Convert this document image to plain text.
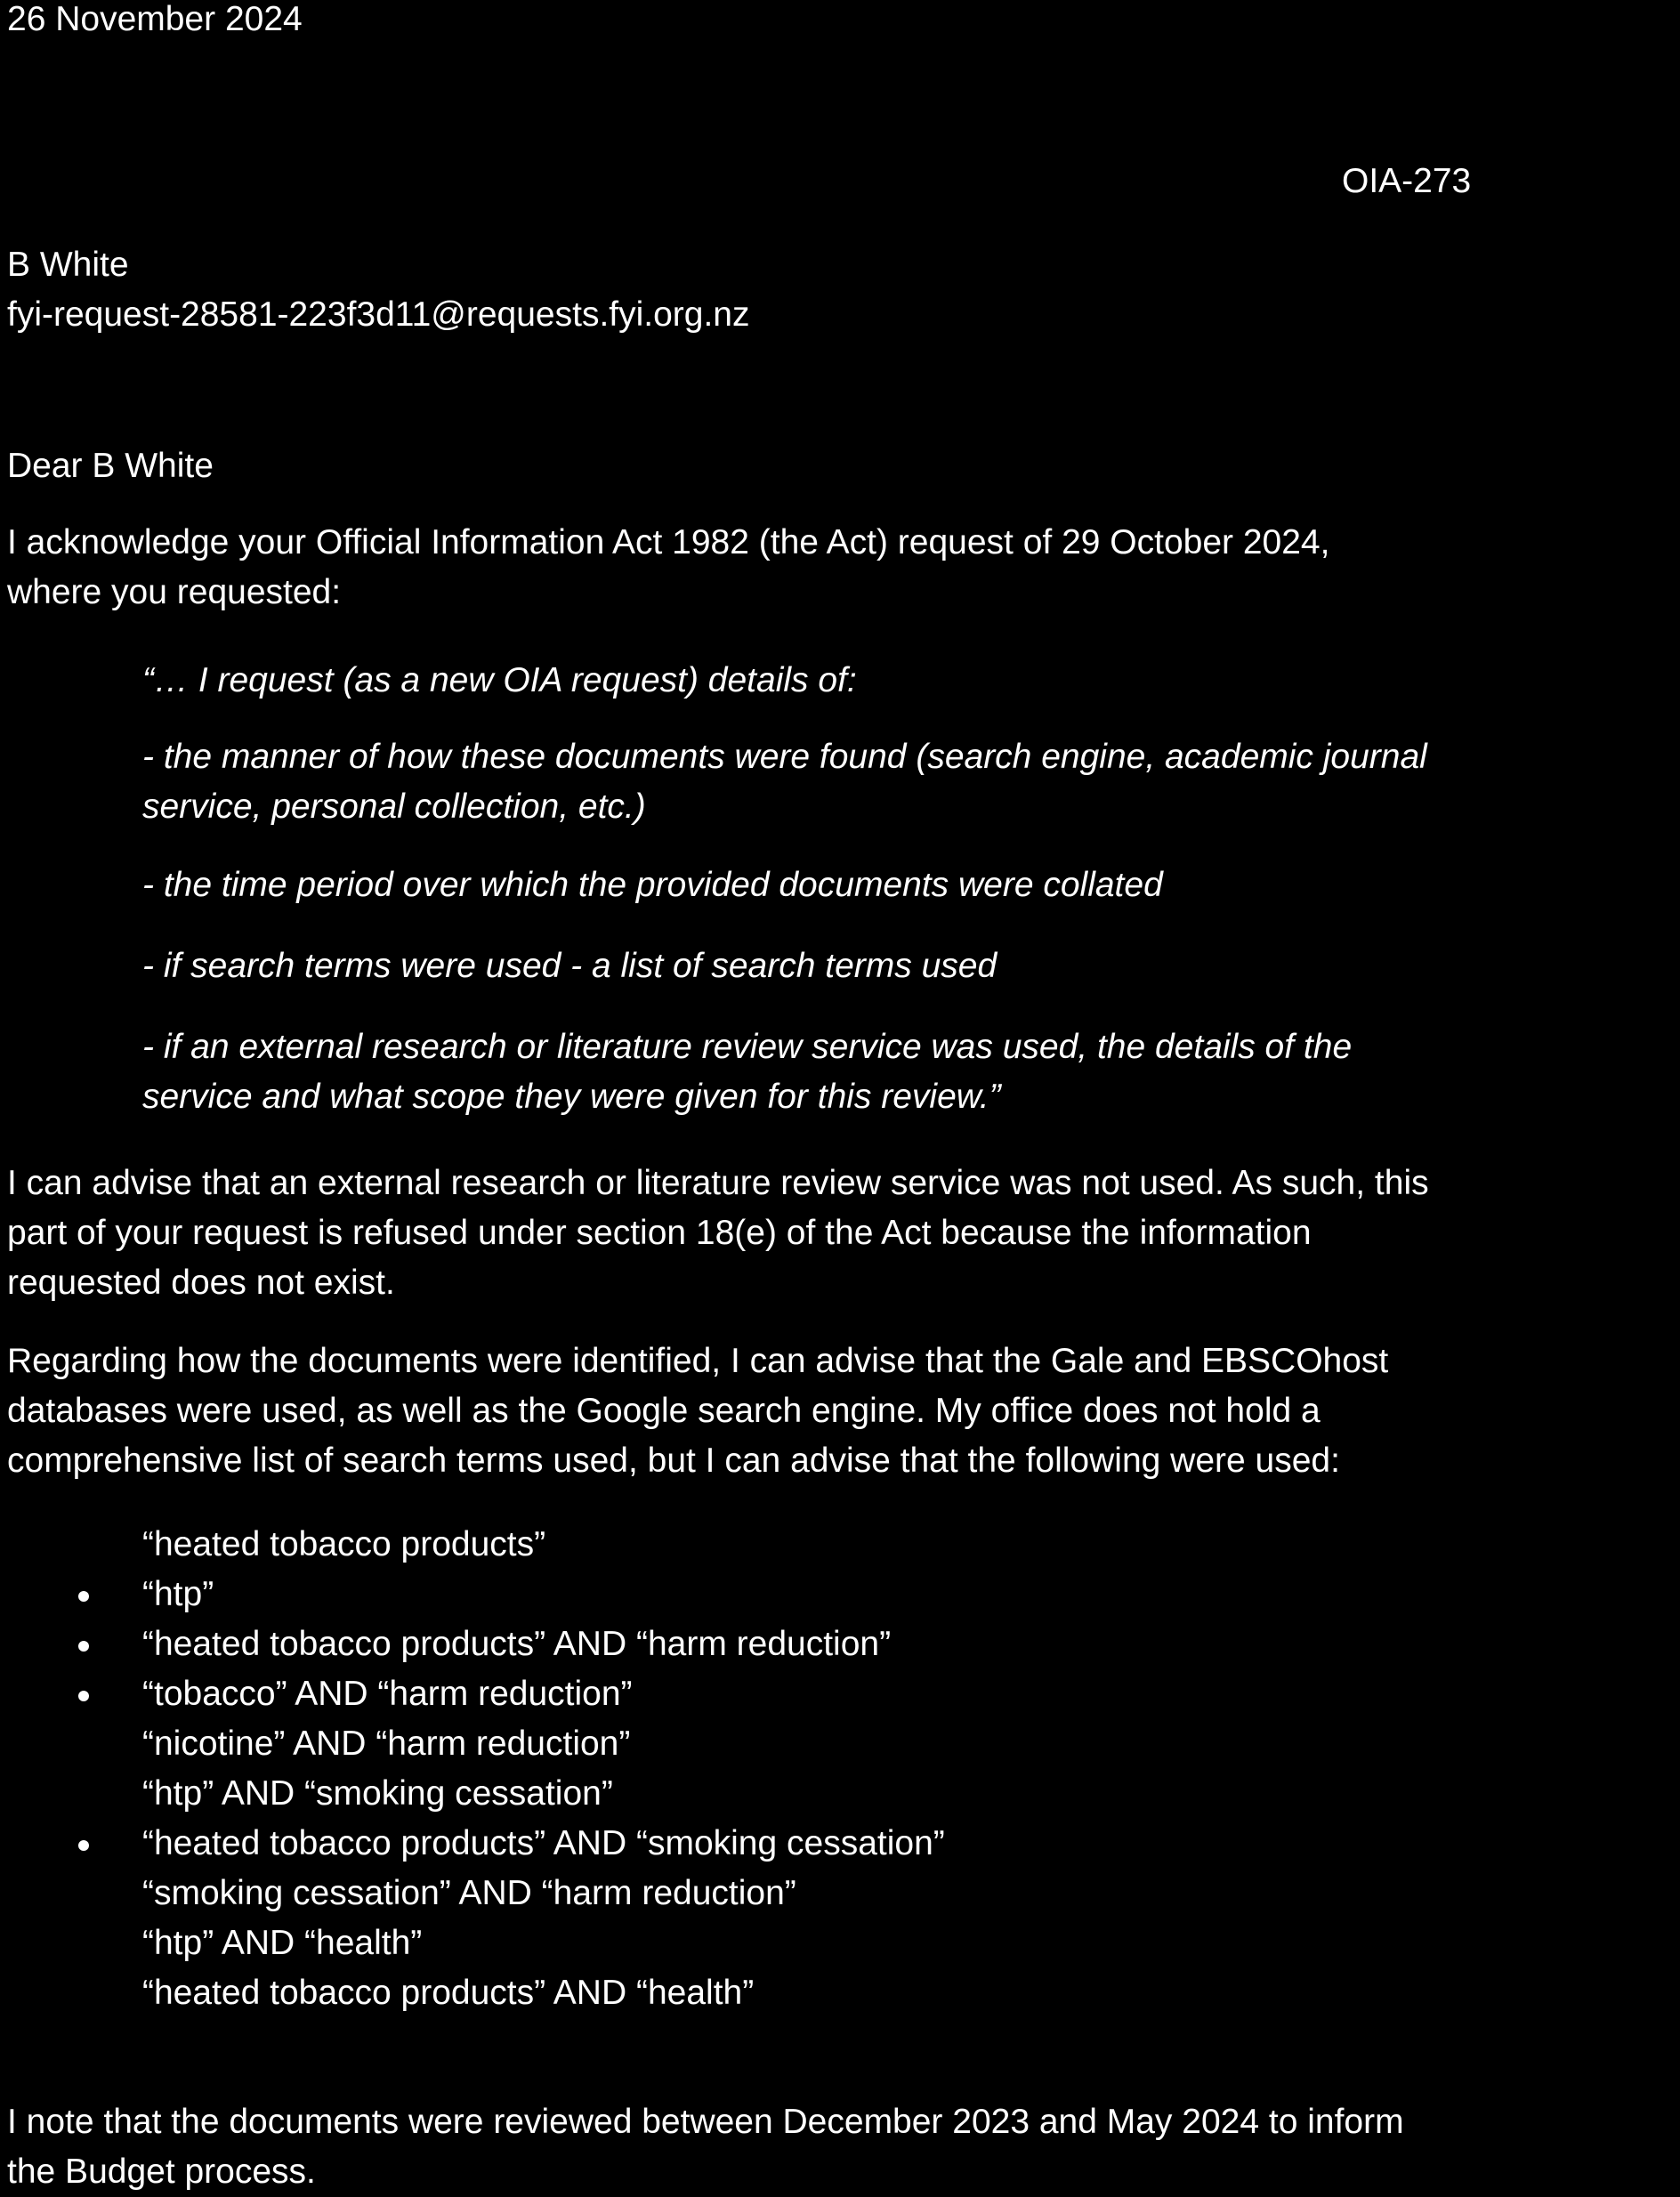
26 November 2024

OIA-273

B White

fyi-request-28581-223f3d11@requests.fyi.org.nz

Dear B White

I acknowledge your Official Information Act 1982 (the Act) request of 29 October 2024,
where you requested:

“… I request (as a new OIA request) details of:

- the manner of how these documents were found (search engine, academic journal
service, personal collection, etc.)

- the time period over which the provided documents were collated

- if search terms were used - a list of search terms used

- if an external research or literature review service was used, the details of the
service and what scope they were given for this review.”

I can advise that an external research or literature review service was not used. As such, this
part of your request is refused under section 18(e) of the Act because the information
requested does not exist.

Regarding how the documents were identified, I can advise that the Gale and EBSCOhost
databases were used, as well as the Google search engine. My office does not hold a
comprehensive list of search terms used, but I can advise that the following were used:

“heated tobacco products”
“htp”
“heated tobacco products” AND “harm reduction”
“tobacco” AND “harm reduction”
“nicotine” AND “harm reduction”
“htp” AND “smoking cessation”
“heated tobacco products” AND “smoking cessation”
“smoking cessation” AND “harm reduction”
“htp” AND “health”
“heated tobacco products” AND “health”

I note that the documents were reviewed between December 2023 and May 2024 to inform
the Budget process.
